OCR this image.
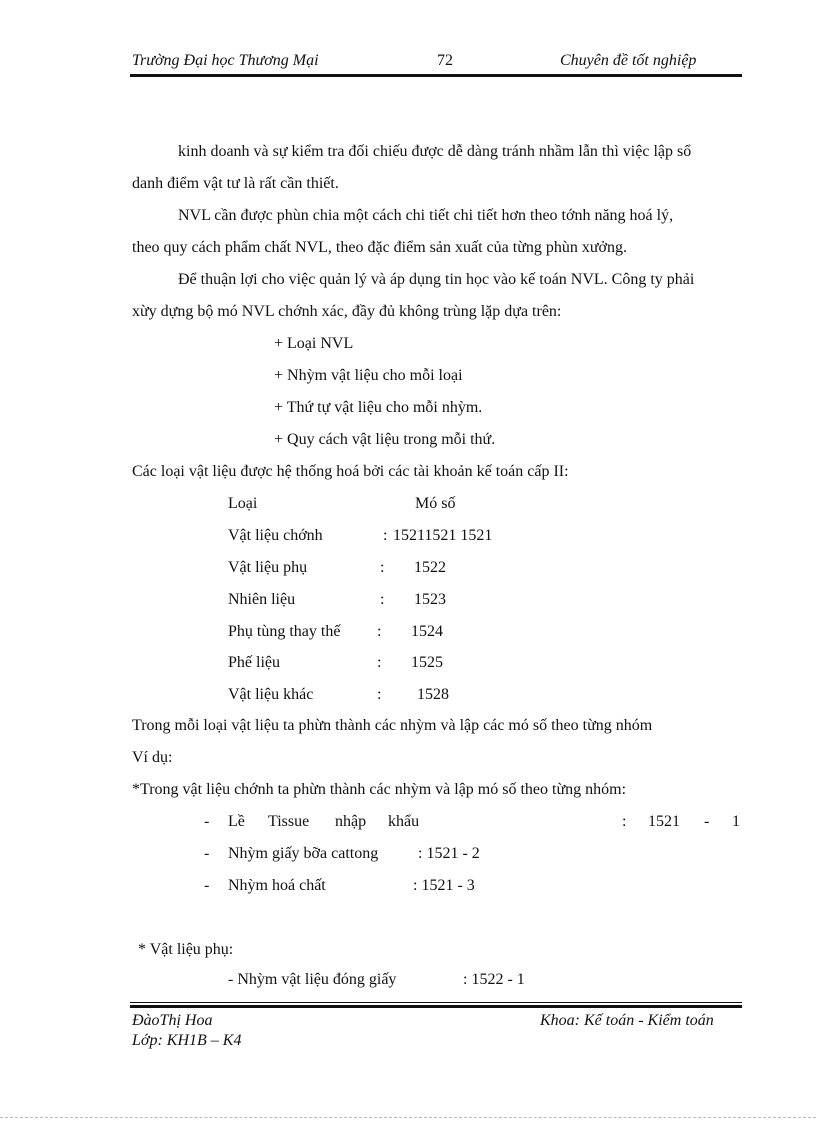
Trường Đại học Thương Mại	72	Chuyên đề tốt nghiệp
kinh doanh và sự kiểm tra đối chiếu được dễ dàng tránh nhầm lẫn thì việc lập sổ
danh điểm vật tư là rất cần thiết.
NVL cần được phùn chia một cách chi tiết chi tiết hơn theo tớnh năng hoá lý,
theo quy cách phẩm chất NVL, theo đặc điểm sản xuất của từng phùn xưởng.
Để thuận lợi cho việc quản lý và áp dụng tin học vào kế toán NVL. Công ty phải
xừy dựng bộ mó NVL chớnh xác, đầy đủ không trùng lặp dựa trên:
+ Loại NVL
+ Nhỳm vật liệu cho mỗi loại
+ Thứ tự vật liệu cho mỗi nhỳm.
+ Quy cách vật liệu trong mỗi thứ.
Các loại vật liệu được hệ thống hoá bởi các tài khoản kế toán cấp II:
Loại	Mó số
Vật liệu chớnh	: 15211521 1521
Vật liệu phụ	: 1522
Nhiên liệu	: 1523
Phụ tùng thay thế : 1524
Phế liệu	: 1525
Vật liệu khác	: 1528
Trong mỗi loại vật liệu ta phừn thành các nhỳm và lập các mó số theo từng nhóm
Ví dụ:
*Trong vật liệu chớnh ta phừn thành các nhỳm và lập mó số theo từng nhóm:
- Lề Tissue nhập khẩu	: 1521 - 1
- Nhỳm giấy bỡa cattong : 1521 - 2
- Nhỳm hoá chất	: 1521 - 3
* Vật liệu phụ:
- Nhỳm vật liệu đóng giấy	: 1522 - 1
ĐàoThị Hoa	Khoa: Kế toán - Kiểm toán
Lớp: KH1B – K4
